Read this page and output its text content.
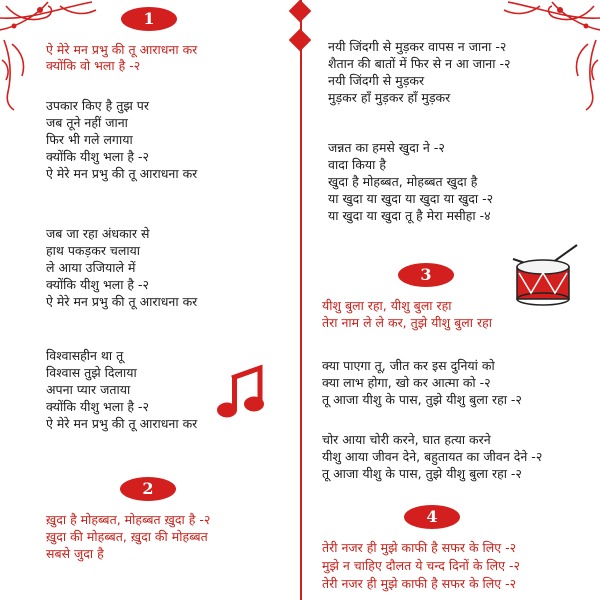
1
2
3
4
ऐ मेरे मन प्रभु की तू आराधना कर
क्योंकि वो भला है -२
उपकार किए है तुझ पर
जब तूने नहीं जाना
फिर भी गले लगाया
क्योंकि यीशु भला है -२
ऐ मेरे मन प्रभु की तू आराधना कर
जब जा रहा अंधकार से
हाथ पकड़कर चलाया
ले आया उजियाले में
क्योंकि यीशु भला है -२
ऐ मेरे मन प्रभु की तू आराधना कर
विश्वासहीन था तू
विश्वास तुझे दिलाया
अपना प्यार जताया
क्योंकि यीशु भला है -२
ऐ मेरे मन प्रभु की तू आराधना कर
ख़ुदा है मोहब्बत, मोहब्बत ख़ुदा है -२
ख़ुदा की मोहब्बत, ख़ुदा की मोहब्बत
सबसे जुदा है
नयी जिंदगी से मुड़कर वापस न जाना -२
शैतान की बातों में फिर से न आ जाना -२
नयी जिंदगी से मुड़कर
मुड़कर हाँ मुड़कर हाँ मुड़कर
जन्नत का हमसे खुदा ने -२
वादा किया है
खुदा है मोहब्बत, मोहब्बत खुदा है
या खुदा या खुदा या खुदा या खुदा -२
या खुदा या खुदा तू है मेरा मसीहा -४
यीशु बुला रहा, यीशु बुला रहा
तेरा नाम ले ले कर, तुझे यीशु बुला रहा
क्या पाएगा तू, जीत कर इस दुनियां को
क्या लाभ होगा, खो कर आत्मा को -२
तू आजा यीशु के पास, तुझे यीशु बुला रहा -२
चोर आया चोरी करने, घात हत्या करने
यीशु आया जीवन देने, बहुतायत का जीवन देने -२
तू आजा यीशु के पास, तुझे यीशु बुला रहा -२
तेरी नजर ही मुझे काफी है सफर के लिए -२
मुझे न चाहिए दौलत ये चन्द दिनों के लिए -२
तेरी नजर ही मुझे काफी है सफर के लिए -२
